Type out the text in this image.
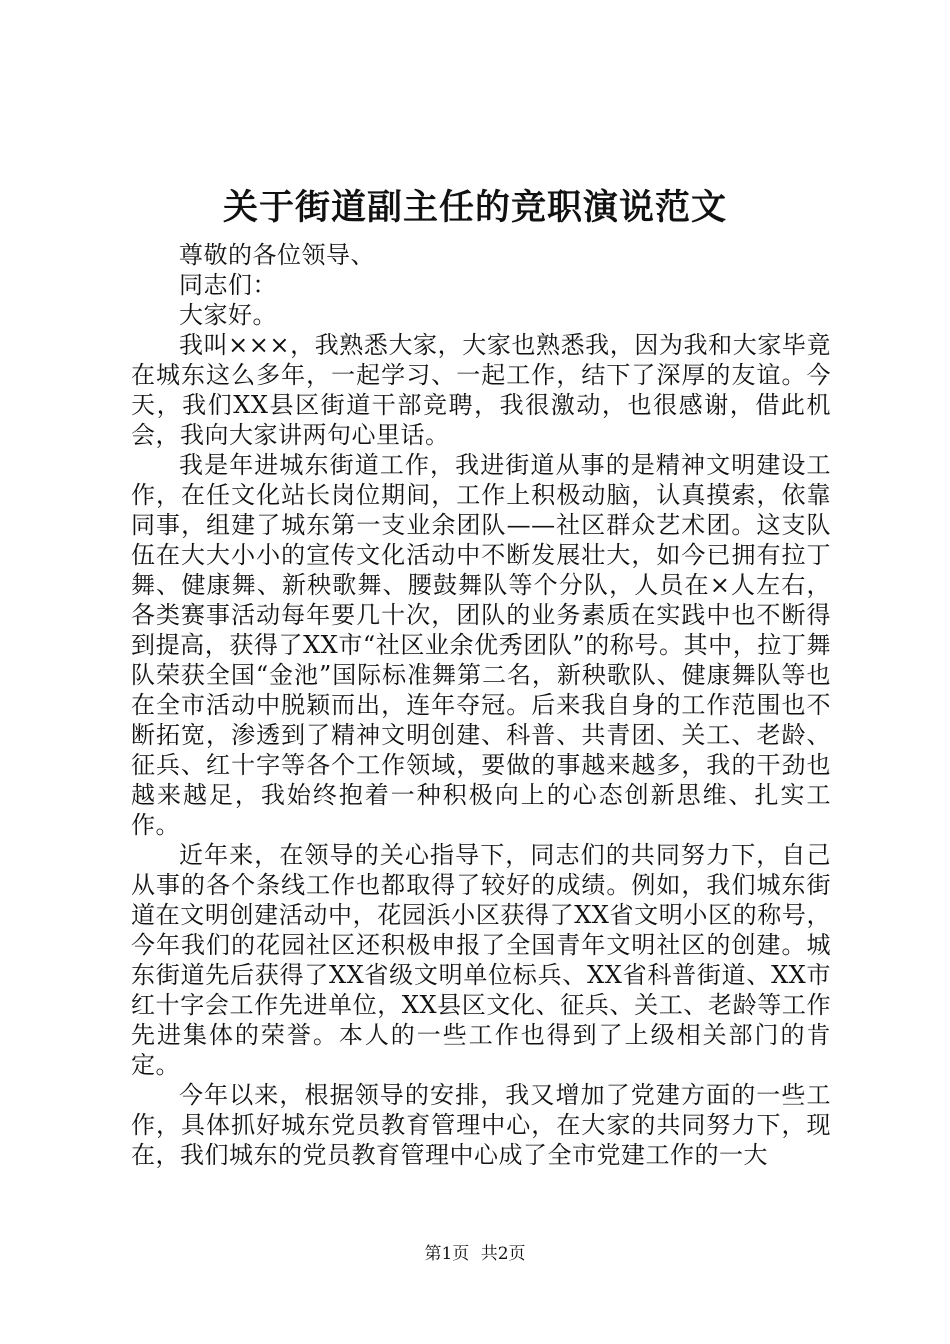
关于街道副主任的竞职演说范文

尊敬的各位领导、

同志们：

大家好。

我叫×××，我熟悉大家，大家也熟悉我，因为我和大家毕竟在城东这么多年，一起学习、一起工作，结下了深厚的友谊。今天，我们XX县区街道干部竞聘，我很激动，也很感谢，借此机会，我向大家讲两句心里话。

我是年进城东街道工作，我进街道从事的是精神文明建设工作，在任文化站长岗位期间，工作上积极动脑，认真摸索，依靠同事，组建了城东第一支业余团队——社区群众艺术团。这支队伍在大大小小的宣传文化活动中不断发展壮大，如今已拥有拉丁舞、健康舞、新秧歌舞、腰鼓舞队等个分队，人员在×人左右，各类赛事活动每年要几十次，团队的业务素质在实践中也不断得到提高，获得了XX市“社区业余优秀团队”的称号。其中，拉丁舞队荣获全国“金池”国际标准舞第二名，新秧歌队、健康舞队等也在全市活动中脱颖而出，连年夺冠。后来我自身的工作范围也不断拓宽，渗透到了精神文明创建、科普、共青团、关工、老龄、征兵、红十字等各个工作领域，要做的事越来越多，我的干劲也越来越足，我始终抱着一种积极向上的心态创新思维、扎实工作。

近年来，在领导的关心指导下，同志们的共同努力下，自己从事的各个条线工作也都取得了较好的成绩。例如，我们城东街道在文明创建活动中，花园浜小区获得了XX省文明小区的称号，今年我们的花园社区还积极申报了全国青年文明社区的创建。城东街道先后获得了XX省级文明单位标兵、XX省科普街道、XX市红十字会工作先进单位，XX县区文化、征兵、关工、老龄等工作先进集体的荣誉。本人的一些工作也得到了上级相关部门的肯定。

今年以来，根据领导的安排，我又增加了党建方面的一些工作，具体抓好城东党员教育管理中心，在大家的共同努力下，现在，我们城东的党员教育管理中心成了全市党建工作的一大

第1页 共2页
